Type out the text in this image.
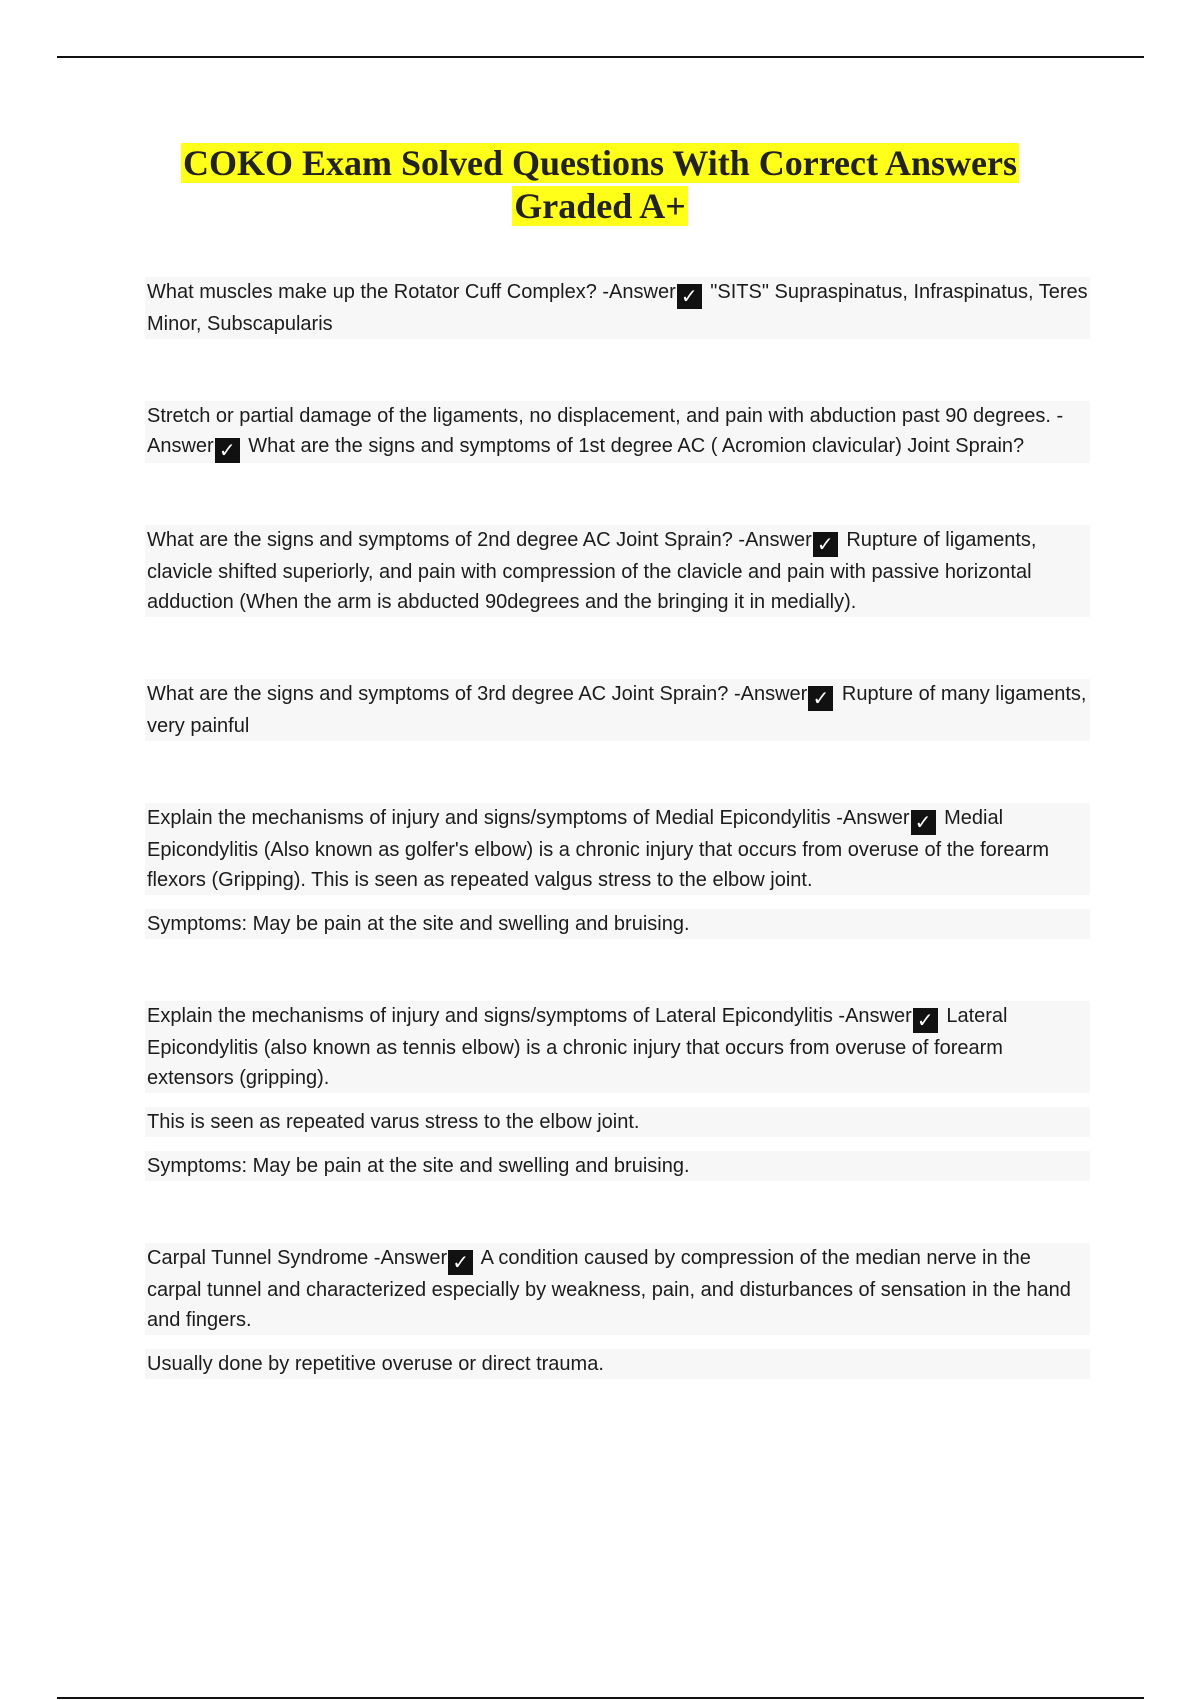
COKO Exam Solved Questions With Correct Answers
Graded A+

What muscles make up the Rotator Cuff Complex? -Answer ✓ "SITS" Supraspinatus, Infraspinatus, Teres Minor, Subscapularis

Stretch or partial damage of the ligaments, no displacement, and pain with abduction past 90 degrees. -Answer ✓ What are the signs and symptoms of 1st degree AC ( Acromion clavicular) Joint Sprain?

What are the signs and symptoms of 2nd degree AC Joint Sprain? -Answer ✓ Rupture of ligaments, clavicle shifted superiorly, and pain with compression of the clavicle and pain with passive horizontal adduction (When the arm is abducted 90degrees and the bringing it in medially).

What are the signs and symptoms of 3rd degree AC Joint Sprain? -Answer ✓ Rupture of many ligaments, very painful

Explain the mechanisms of injury and signs/symptoms of Medial Epicondylitis -Answer ✓ Medial Epicondylitis (Also known as golfer's elbow) is a chronic injury that occurs from overuse of the forearm flexors (Gripping). This is seen as repeated valgus stress to the elbow joint.

Symptoms: May be pain at the site and swelling and bruising.

Explain the mechanisms of injury and signs/symptoms of Lateral Epicondylitis -Answer ✓ Lateral Epicondylitis (also known as tennis elbow) is a chronic injury that occurs from overuse of forearm extensors (gripping).

This is seen as repeated varus stress to the elbow joint.

Symptoms: May be pain at the site and swelling and bruising.

Carpal Tunnel Syndrome -Answer ✓ A condition caused by compression of the median nerve in the carpal tunnel and characterized especially by weakness, pain, and disturbances of sensation in the hand and fingers.

Usually done by repetitive overuse or direct trauma.
